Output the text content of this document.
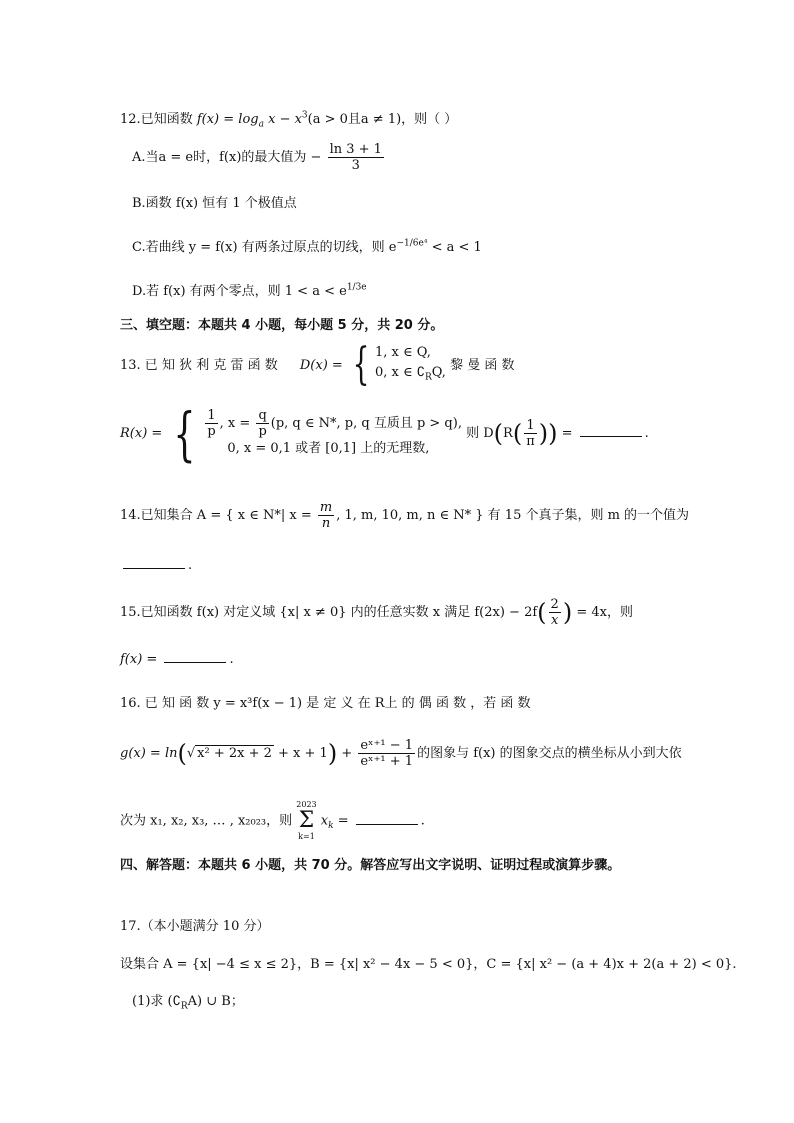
12.已知函数 $f(x) = \log_a x - x^3(a > 0$且a ≠ 1)，则（ ）
A.当a = e时，f(x)的最大值为 − $\frac{\ln 3 + 1}{3}$
B.函数 f(x) 恒有 1 个极值点
C.若曲线 y = f(x) 有两条过原点的切线，则 $e^{-1/6e^4} < a < 1$
D.若 f(x) 有两个零点，则 $1 < a < e^{1/3e}$
三、填空题：本题共 4 小题，每小题 5 分，共 20 分。
13. 已 知 狄 利 克 雷 函 数 D(x) = { 1, x ∈ Q,
0, x ∈ $∁_RQ$, 黎 曼 函 数
R(x) = { $\frac{1}{p}$ , $x = \frac{q}{p} (p$, q ∈ N*, p, q 互质且 p > q),
0, x = 0,1 或者 [0,1] 上的无理数,
则 $D(R( \frac{1}{\pi}$ )) =	.
14.已知集合 A = { x ∈ N*| $x = \frac{m}{n}$ , 1, m, 10, m, n ∈ N* } 有 15 个真子集，则 m 的一个值为
.
15.已知函数 f(x) 对定义域 {x| x ≠ 0} 内的任意实数 x 满足 $f(2x) - 2f( \frac{2}{x}$ ) = 4x，则
f(x) =	.
16. 已 知 函 数 y = x³f(x − 1) 是 定 义 在 R上 的 偶 函 数 ，若 函 数
g(x) = ln(√ $x^2 + 2x + 2 + x + 1) + \frac{\text{eˣ⁺¹ − 1}}{\text{eˣ⁺¹ + 1}}$ 的图象与 f(x) 的图象交点的横坐标从小到大依
次为 x₁, x₂, x₃, … , x₂₀₂₃，则
2023
Σ
k=1
$x_k$ =	.
四、解答题：本题共 6 小题，共 70 分。解答应写出文字说明、证明过程或演算步骤。
17.（本小题满分 10 分）
设集合 A = {x| −4 ≤ x ≤ 2}，B = {x| x² − 4x − 5 < 0}，C = {x| x² − (a + 4)x + 2(a + 2) < 0}.
(1)求 $(∁_RA)$ ∪ B；
